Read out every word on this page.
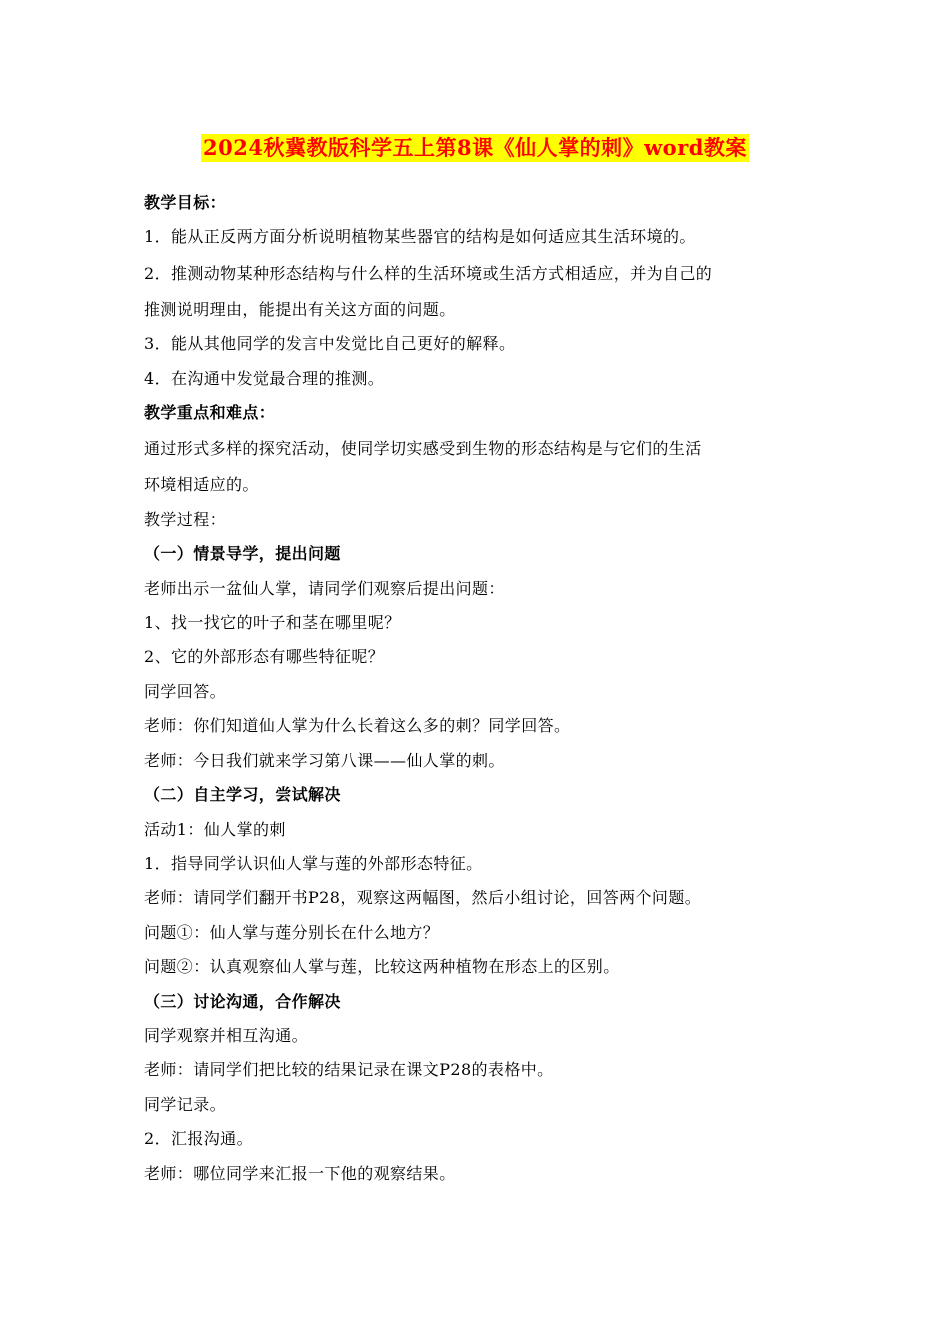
2024秋冀教版科学五上第8课《仙人掌的刺》word教案
教学目标：
1．能从正反两方面分析说明植物某些器官的结构是如何适应其生活环境的。
2．推测动物某种形态结构与什么样的生活环境或生活方式相适应，并为自己的
推测说明理由，能提出有关这方面的问题。
3．能从其他同学的发言中发觉比自己更好的解释。
4．在沟通中发觉最合理的推测。
教学重点和难点：
通过形式多样的探究活动，使同学切实感受到生物的形态结构是与它们的生活
环境相适应的。
教学过程：
（一）情景导学，提出问题
老师出示一盆仙人掌，请同学们观察后提出问题：
1、找一找它的叶子和茎在哪里呢？
2、它的外部形态有哪些特征呢？
同学回答。
老师：你们知道仙人掌为什么长着这么多的刺？同学回答。
老师：今日我们就来学习第八课——仙人掌的刺。
（二）自主学习，尝试解决
活动1：仙人掌的刺
1．指导同学认识仙人掌与莲的外部形态特征。
老师：请同学们翻开书P28，观察这两幅图，然后小组讨论，回答两个问题。
问题①：仙人掌与莲分别长在什么地方？
问题②：认真观察仙人掌与莲，比较这两种植物在形态上的区别。
（三）讨论沟通，合作解决
同学观察并相互沟通。
老师：请同学们把比较的结果记录在课文P28的表格中。
同学记录。
2．汇报沟通。
老师：哪位同学来汇报一下他的观察结果。
